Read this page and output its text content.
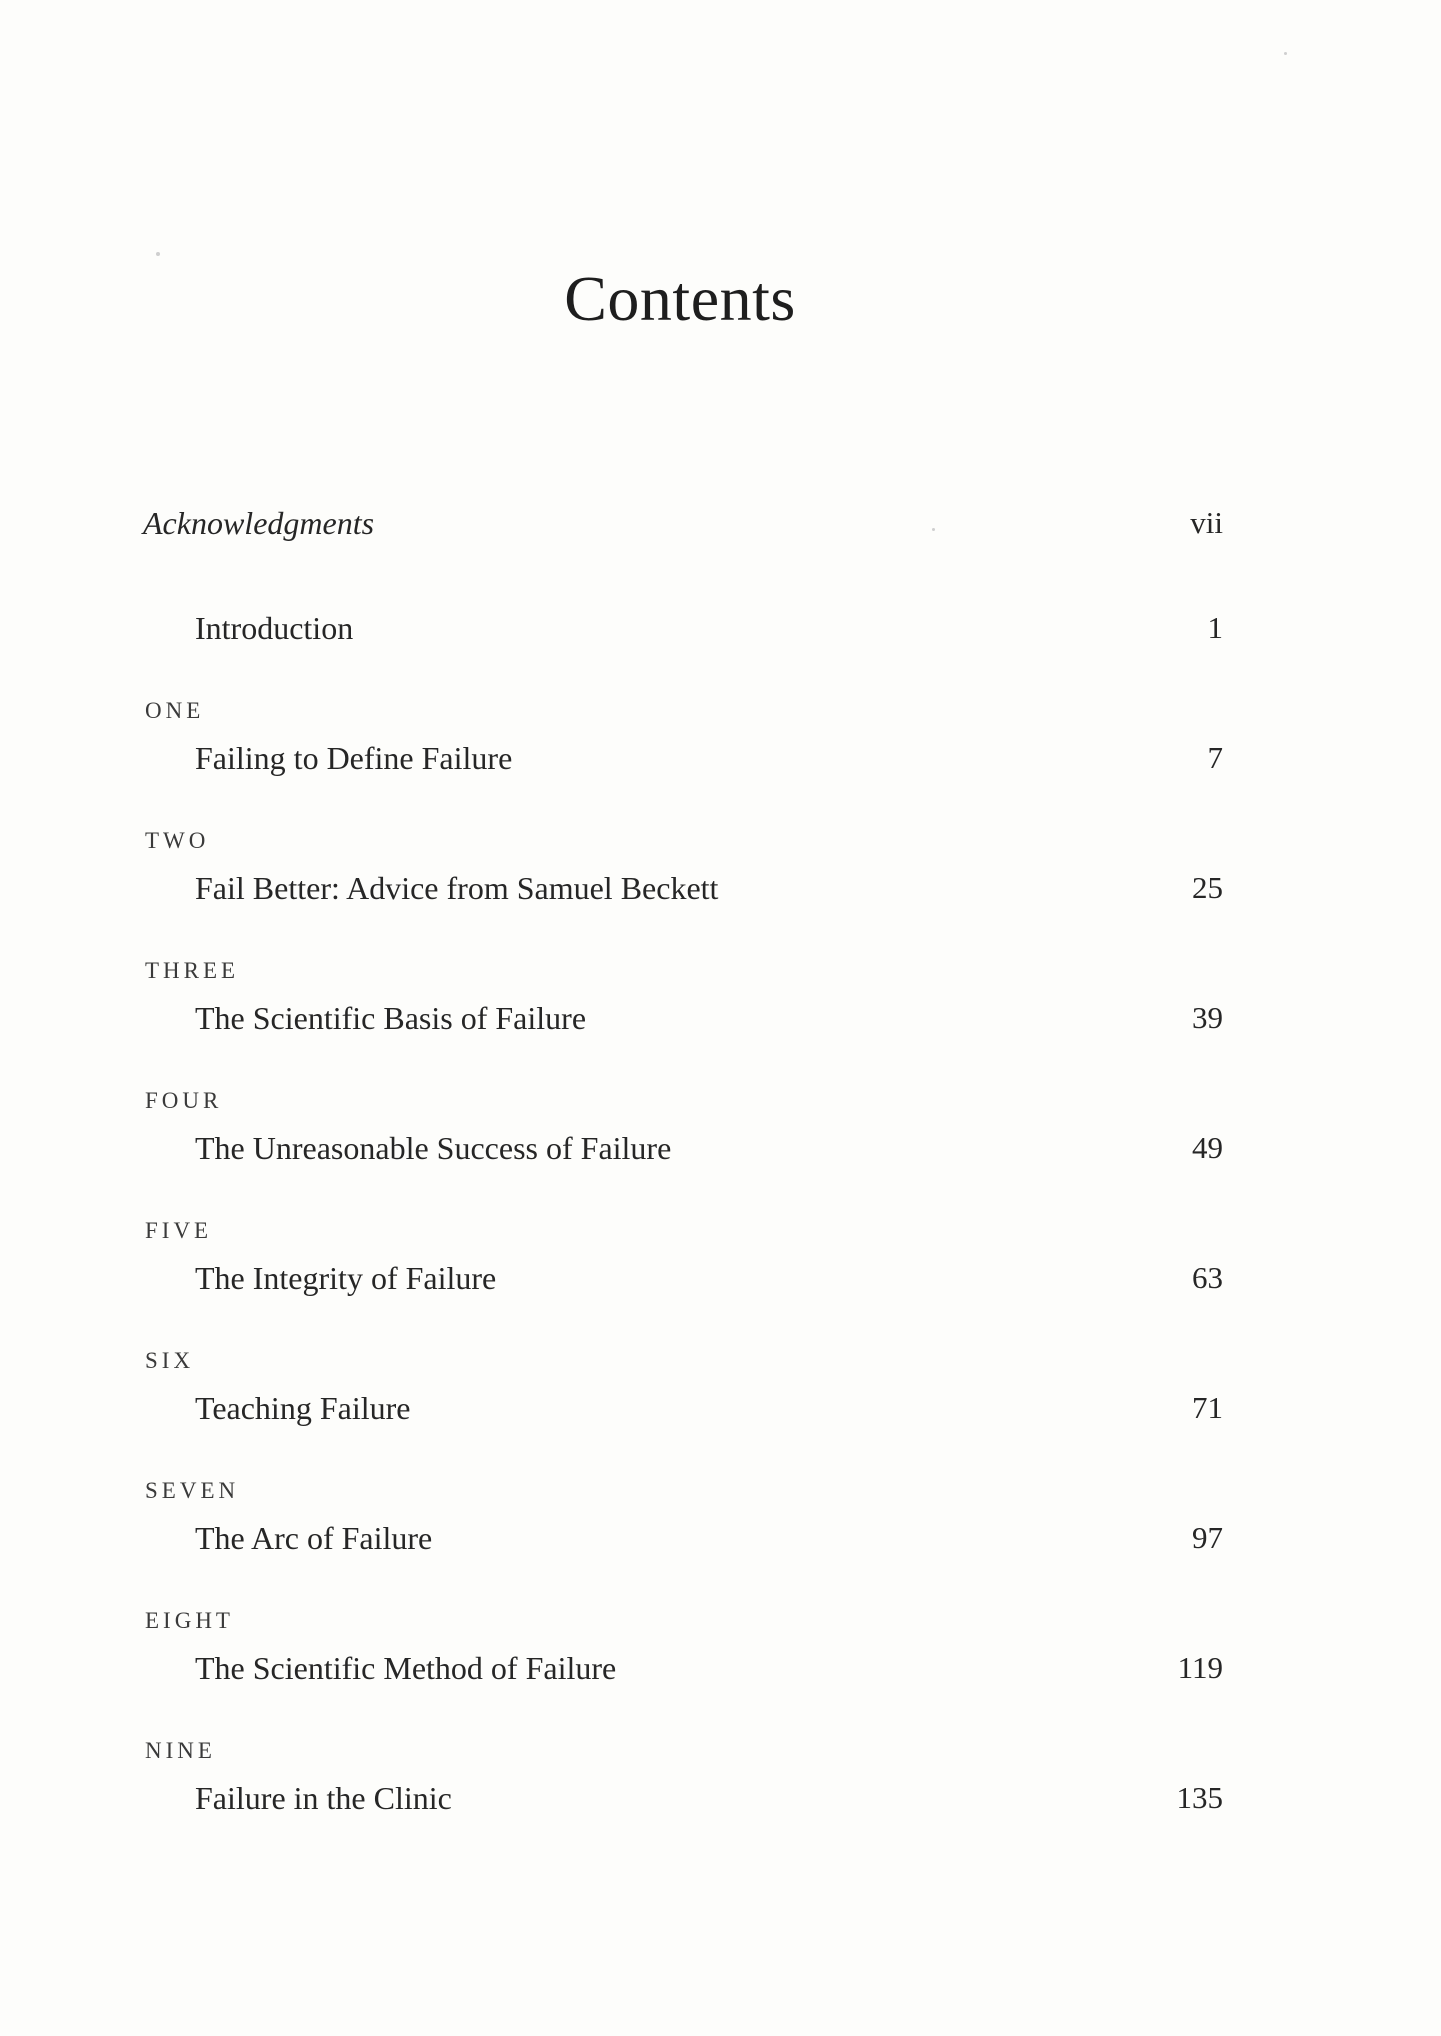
Contents
Acknowledgments	vii
Introduction	1
ONE
Failing to Define Failure	7
TWO
Fail Better: Advice from Samuel Beckett	25
THREE
The Scientific Basis of Failure	39
FOUR
The Unreasonable Success of Failure	49
FIVE
The Integrity of Failure	63
SIX
Teaching Failure	71
SEVEN
The Arc of Failure	97
EIGHT
The Scientific Method of Failure	119
NINE
Failure in the Clinic	135
